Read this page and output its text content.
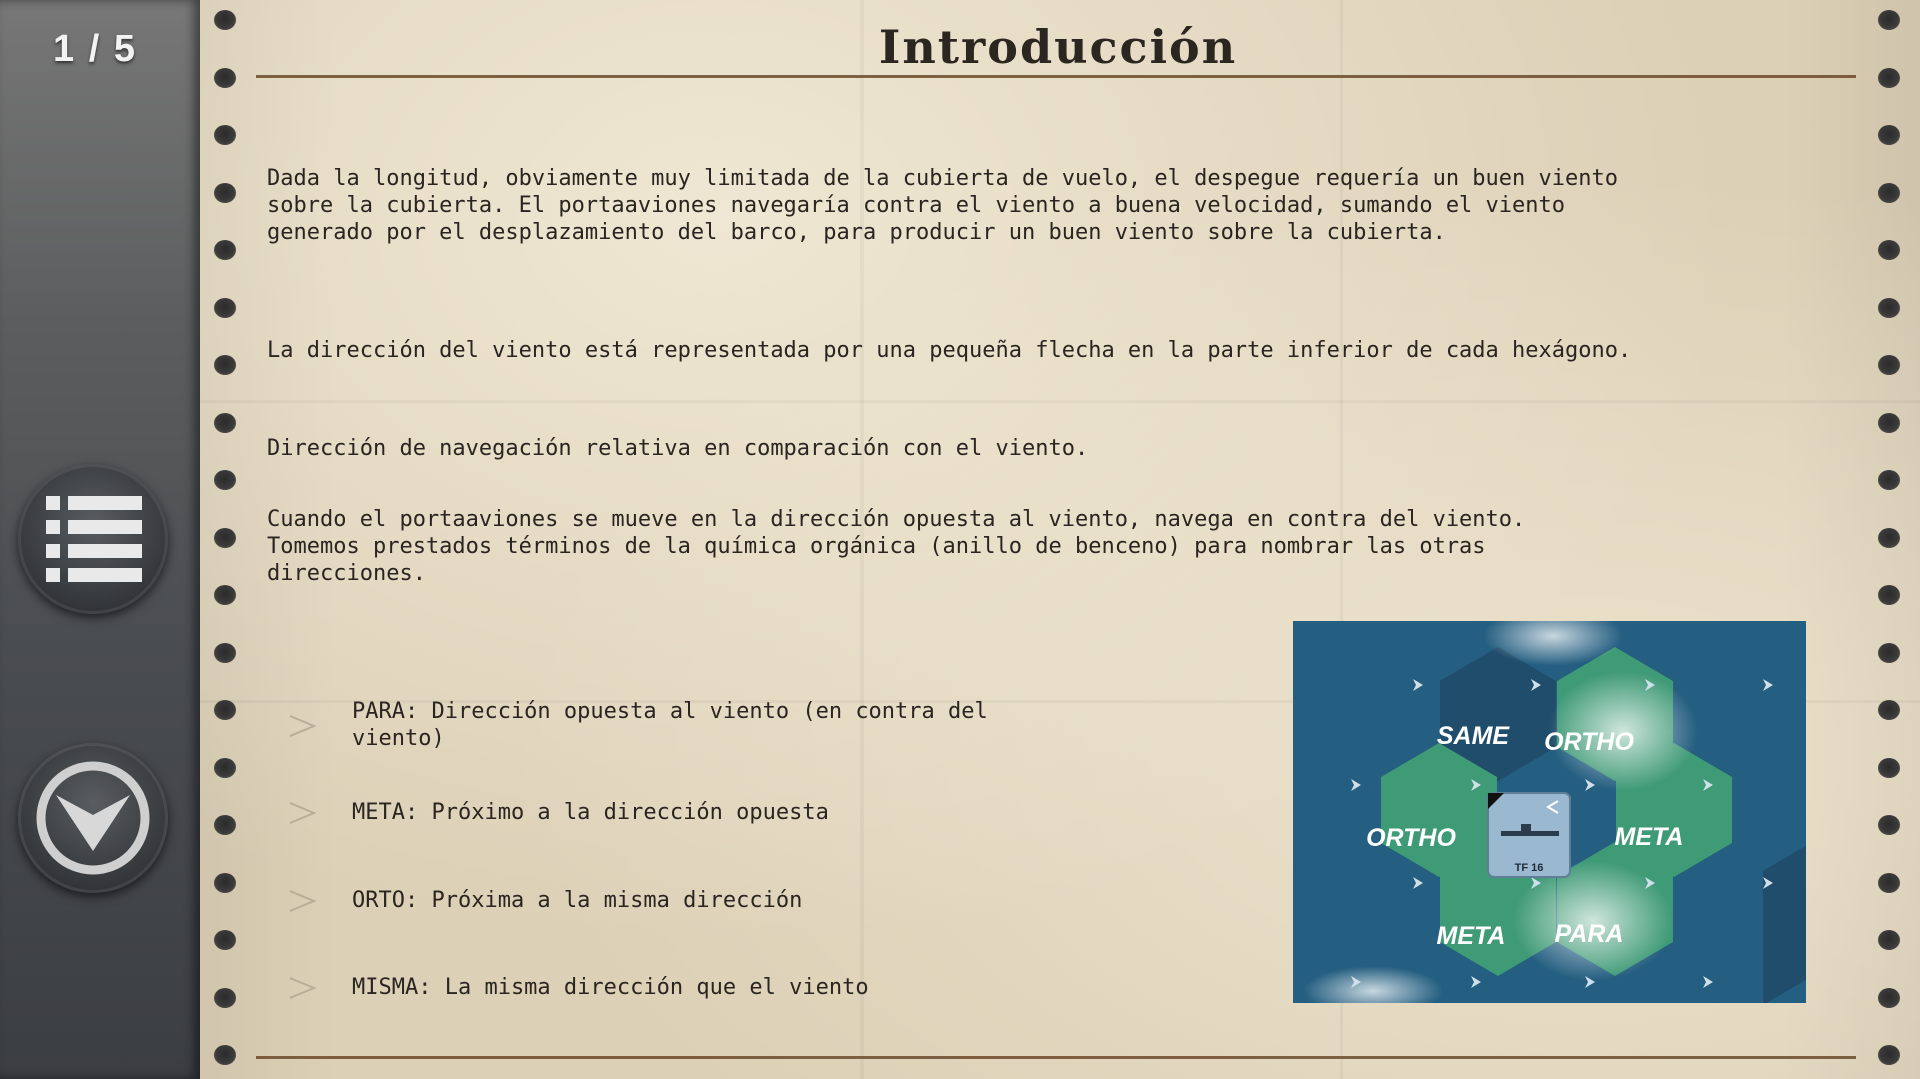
1 / 5	Introducción
Dada la longitud, obviamente muy limitada de la cubierta de vuelo, el despegue requería un buen viento
sobre la cubierta. El portaaviones navegaría contra el viento a buena velocidad, sumando el viento
generado por el desplazamiento del barco, para producir un buen viento sobre la cubierta.
La dirección del viento está representada por una pequeña flecha en la parte inferior de cada hexágono.
Dirección de navegación relativa en comparación con el viento.
Cuando el portaaviones se mueve en la dirección opuesta al viento, navega en contra del viento.
Tomemos prestados términos de la química orgánica (anillo de benceno) para nombrar las otras
direcciones.
PARA: Dirección opuesta al viento (en contra del
viento)
META: Próximo a la dirección opuesta
ORTO: Próxima a la misma dirección
MISMA: La misma dirección que el viento
TF 16
SAME ORTHO
ORTHO	META
META PARA
